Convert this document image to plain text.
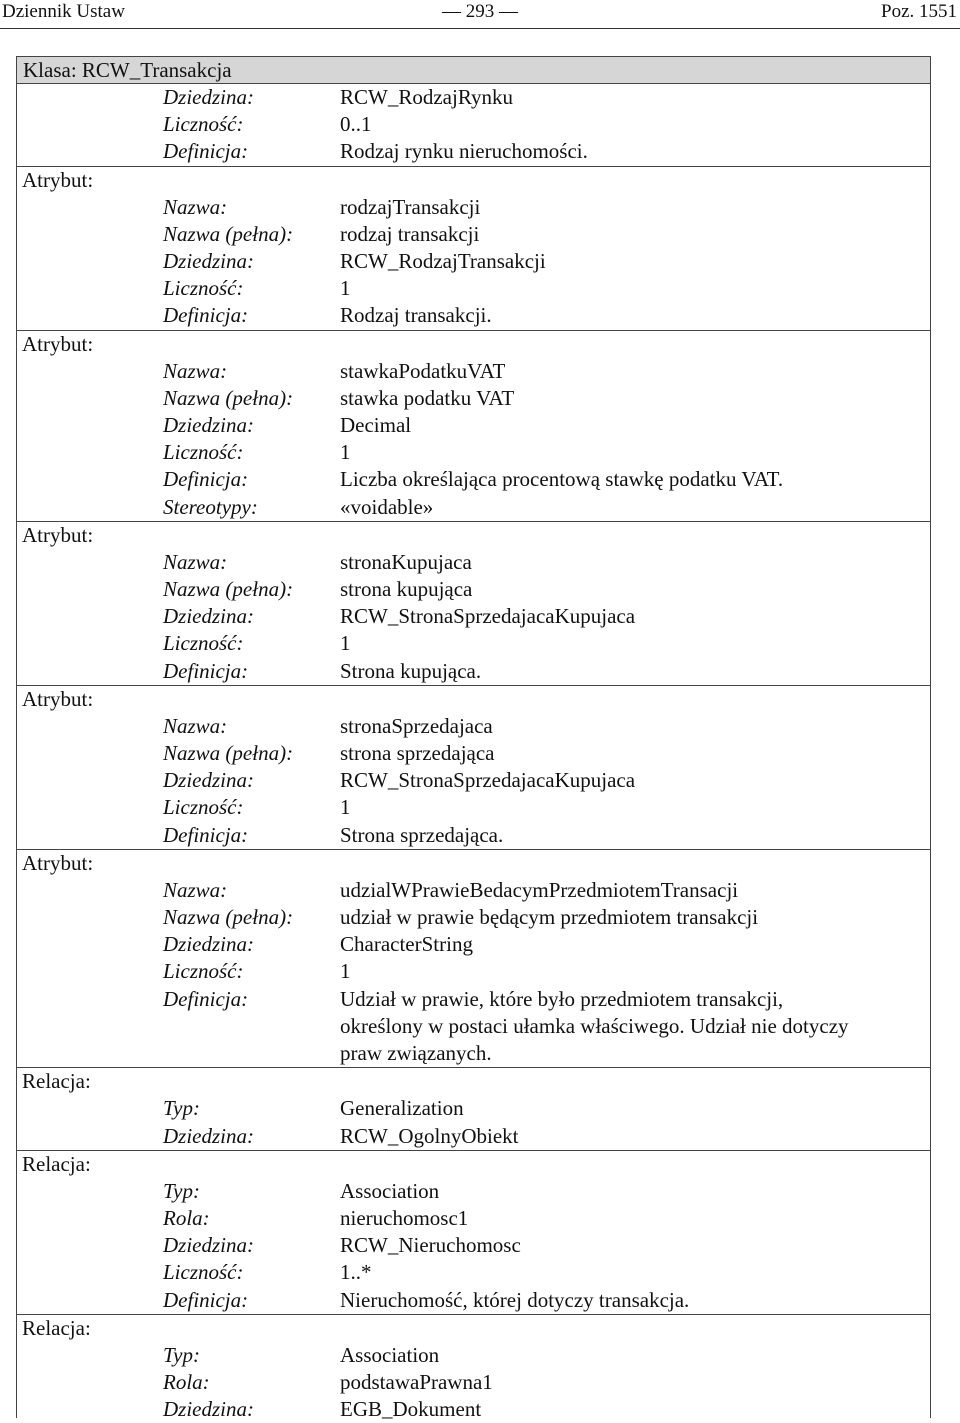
Dziennik Ustaw	— 293 —	Poz. 1551
Klasa: RCW_Transakcja
Dziedzina:	RCW_RodzajRynku
Liczność:	0..1
Definicja:	Rodzaj rynku nieruchomości.
Atrybut:
Nazwa:	rodzajTransakcji
Nazwa (pełna):	rodzaj transakcji
Dziedzina:	RCW_RodzajTransakcji
Liczność:	1
Definicja:	Rodzaj transakcji.
Atrybut:
Nazwa:	stawkaPodatkuVAT
Nazwa (pełna):	stawka podatku VAT
Dziedzina:	Decimal
Liczność:	1
Definicja:	Liczba określająca procentową stawkę podatku VAT.
Stereotypy:	«voidable»
Atrybut:
Nazwa:	stronaKupujaca
Nazwa (pełna):	strona kupująca
Dziedzina:	RCW_StronaSprzedajacaKupujaca
Liczność:	1
Definicja:	Strona kupująca.
Atrybut:
Nazwa:	stronaSprzedajaca
Nazwa (pełna):	strona sprzedająca
Dziedzina:	RCW_StronaSprzedajacaKupujaca
Liczność:	1
Definicja:	Strona sprzedająca.
Atrybut:
Nazwa:	udzialWPrawieBedacymPrzedmiotemTransacji
Nazwa (pełna):	udział w prawie będącym przedmiotem transakcji
Dziedzina:	CharacterString
Liczność:	1
Definicja:	Udział w prawie, które było przedmiotem transakcji,
określony w postaci ułamka właściwego. Udział nie dotyczy
praw związanych.
Relacja:
Typ:	Generalization
Dziedzina:	RCW_OgolnyObiekt
Relacja:
Typ:	Association
Rola:	nieruchomosc1
Dziedzina:	RCW_Nieruchomosc
Liczność:	1..*
Definicja:	Nieruchomość, której dotyczy transakcja.
Relacja:
Typ:	Association
Rola:	podstawaPrawna1
Dziedzina:	EGB_Dokument
